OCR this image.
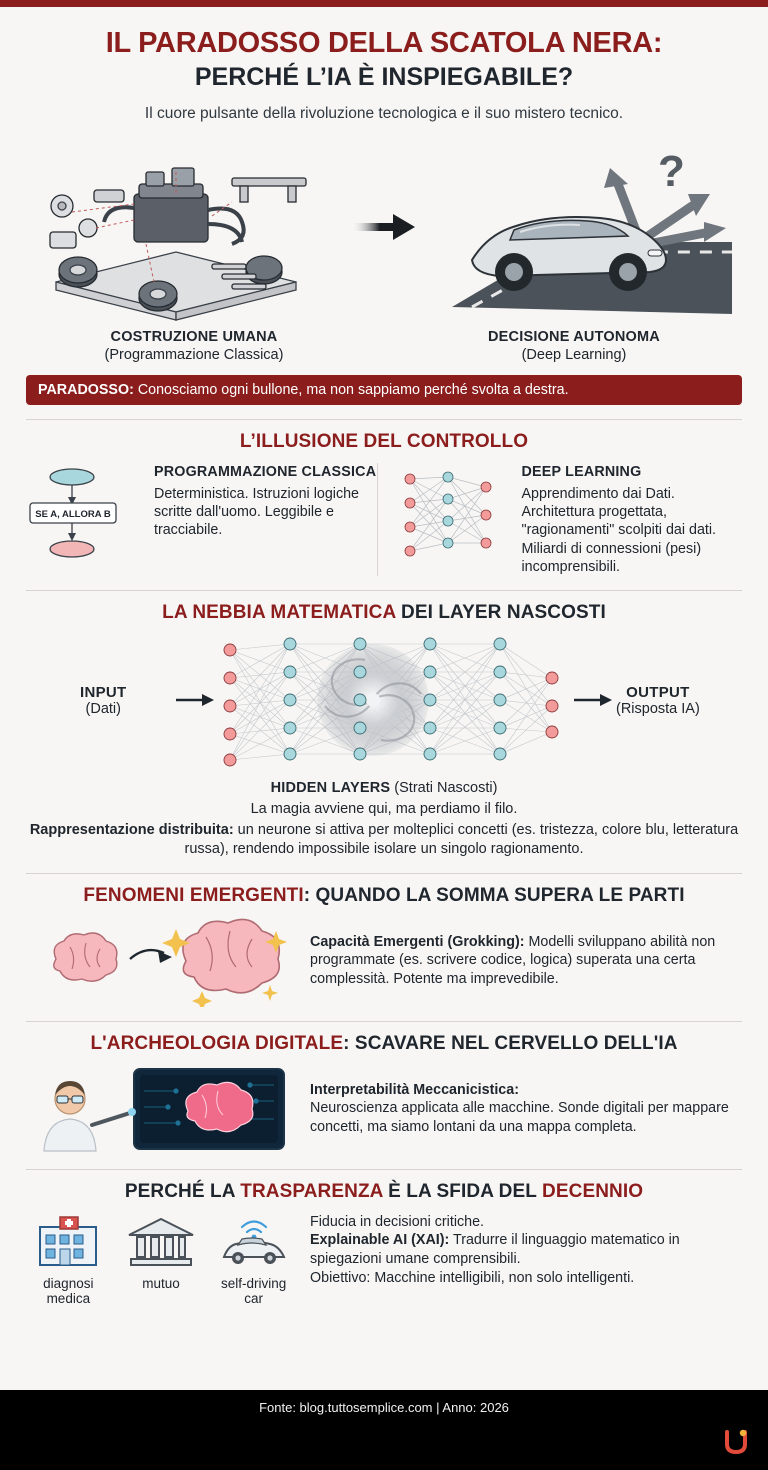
IL PARADOSSO DELLA SCATOLA NERA:
PERCHÉ L’IA È INSPIEGABILE?
Il cuore pulsante della rivoluzione tecnologica e il suo mistero tecnico.
?
COSTRUZIONE UMANA
(Programmazione Classica)
DECISIONE AUTONOMA
(Deep Learning)
PARADOSSO: Conosciamo ogni bullone, ma non sappiamo perché svolta a destra.
L’ILLUSIONE DEL CONTROLLO
SE A, ALLORA B
PROGRAMMAZIONE CLASSICA
Deterministica. Istruzioni logiche scritte dall'uomo. Leggibile e tracciabile.
DEEP LEARNING
Apprendimento dai Dati. Architettura progettata, "ragionamenti" scolpiti dai dati. Miliardi di connessioni (pesi) incomprensibili.
LA NEBBIA MATEMATICA DEI LAYER NASCOSTI
INPUT
(Dati)
OUTPUT
(Risposta IA)
HIDDEN LAYERS (Strati Nascosti)
La magia avviene qui, ma perdiamo il filo.
Rappresentazione distribuita: un neurone si attiva per molteplici concetti (es. tristezza, colore blu, letteratura russa), rendendo impossibile isolare un singolo ragionamento.
FENOMENI EMERGENTI: QUANDO LA SOMMA SUPERA LE PARTI
Capacità Emergenti (Grokking): Modelli sviluppano abilità non programmate (es. scrivere codice, logica) superata una certa complessità. Potente ma imprevedibile.
L'ARCHEOLOGIA DIGITALE: SCAVARE NEL CERVELLO DELL'IA
Interpretabilità Meccanicistica:
Neuroscienza applicata alle macchine. Sonde digitali per mappare concetti, ma siamo lontani da una mappa completa.
PERCHÉ LA TRASPARENZA È LA SFIDA DEL DECENNIO
diagnosi medica
mutuo	self-driving car
Fiducia in decisioni critiche.
Explainable AI (XAI): Tradurre il linguaggio matematico in spiegazioni umane comprensibili.
Obiettivo: Macchine intelligibili, non solo intelligenti.
Fonte: blog.tuttosemplice.com | Anno: 2026
